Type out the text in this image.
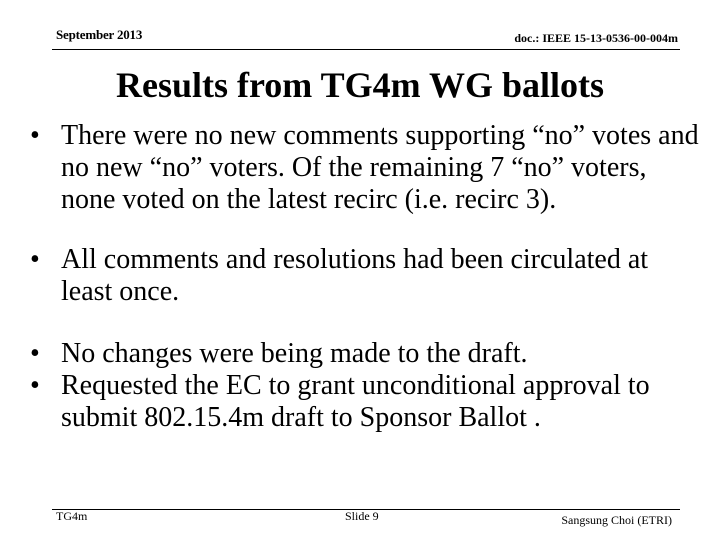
September 2013	doc.: IEEE 15-13-0536-00-004m
Results from TG4m WG ballots
• There were no new comments supporting “no” votes and no new “no” voters. Of the remaining 7 “no” voters, none voted on the latest recirc (i.e. recirc 3).
• All comments and resolutions had been circulated at least once.
• No changes were being made to the draft.
• Requested the EC to grant unconditional approval to submit 802.15.4m draft to Sponsor Ballot .
TG4m	Slide 9	Sangsung Choi (ETRI)
